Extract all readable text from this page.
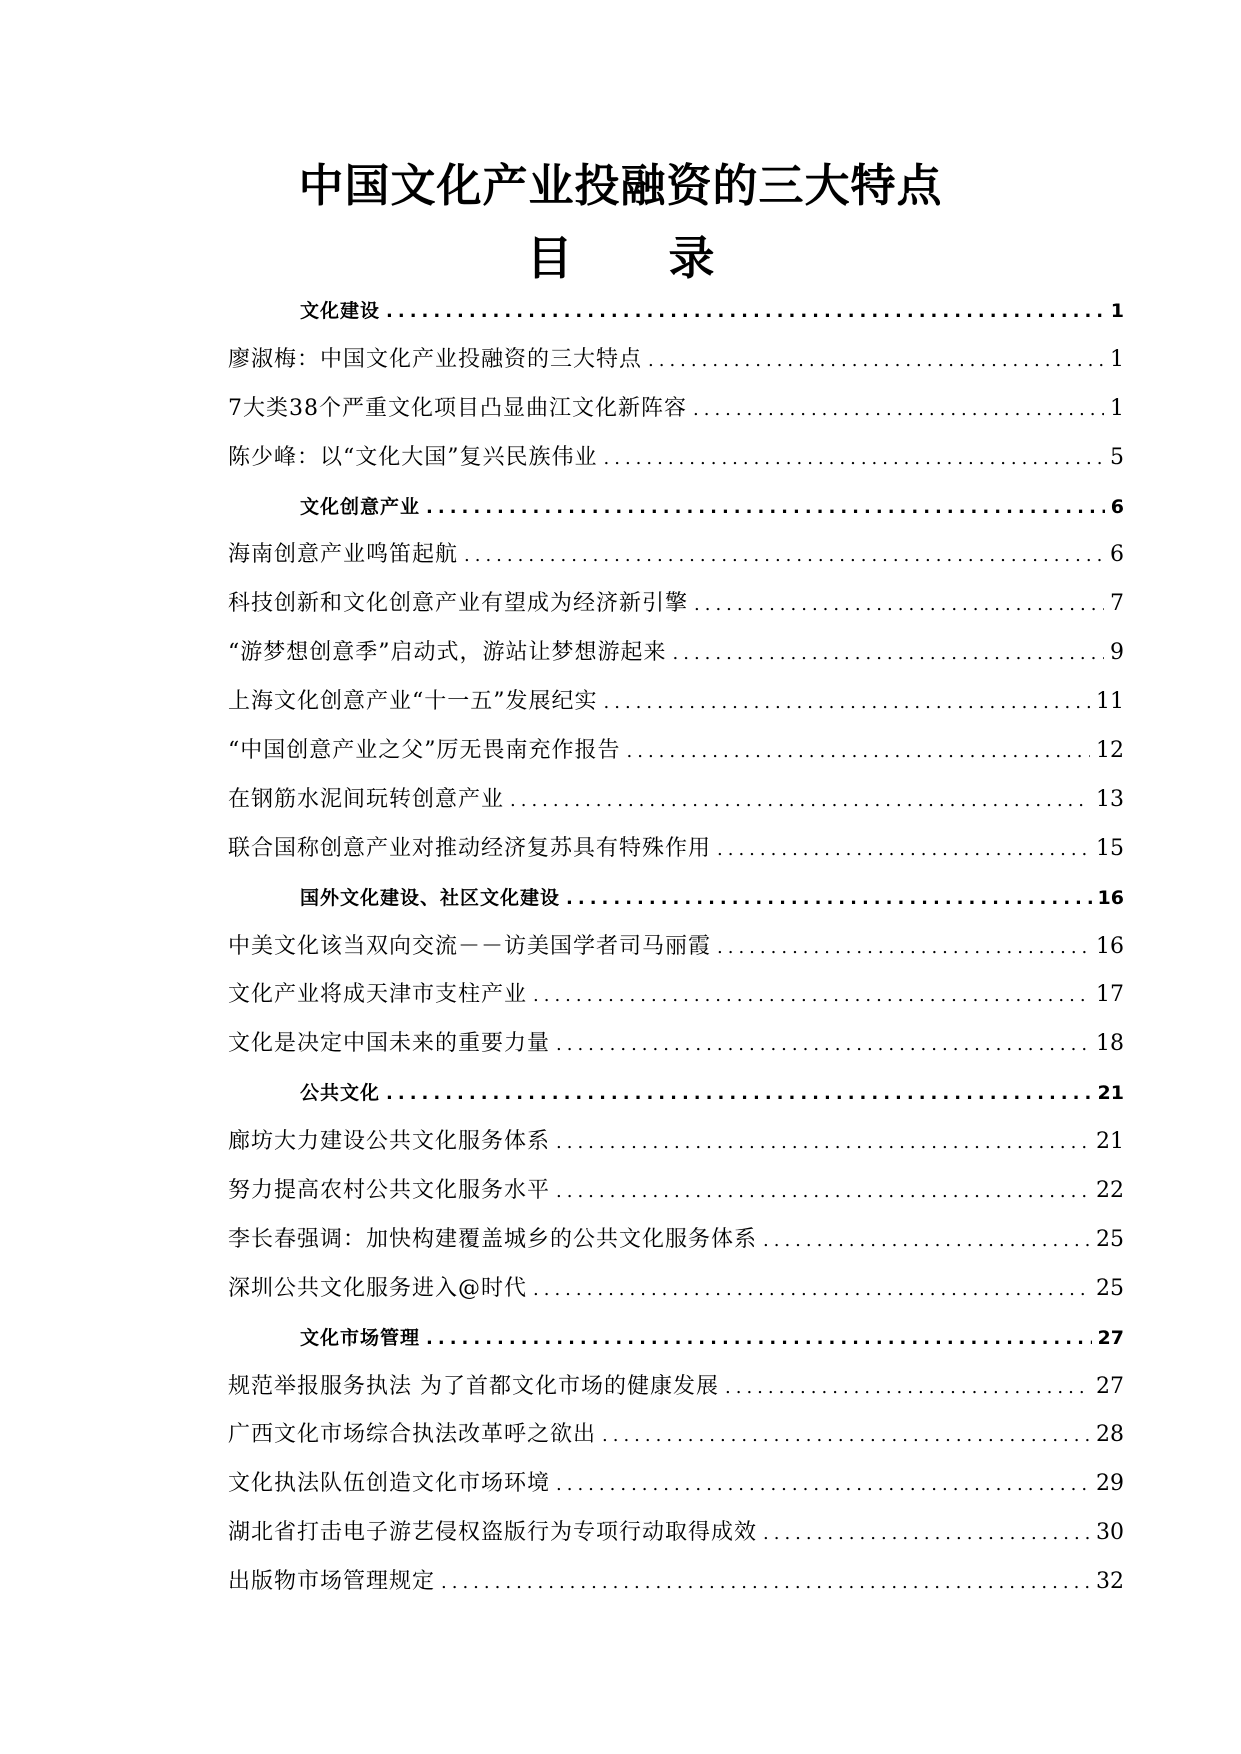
中国文化产业投融资的三大特点
目 录
文化建设 .....	1
廖淑梅：中国文化产业投融资的三大特点 .....	1
7大类38个严重文化项目凸显曲江文化新阵容 .....	1
陈少峰：以“文化大国”复兴民族伟业 .....	5
文化创意产业 .....	6
海南创意产业鸣笛起航 .....	6
科技创新和文化创意产业有望成为经济新引擎 .....	7
“游梦想创意季”启动式，游站让梦想游起来 .....	9
上海文化创意产业“十一五”发展纪实 .....	11
“中国创意产业之父”厉无畏南充作报告 .....	12
在钢筋水泥间玩转创意产业 .....	13
联合国称创意产业对推动经济复苏具有特殊作用 .....	15
国外文化建设、社区文化建设 .....	16
中美文化该当双向交流－－访美国学者司马丽霞 .....	16
文化产业将成天津市支柱产业 .....	17
文化是决定中国未来的重要力量 .....	18
公共文化 .....	21
廊坊大力建设公共文化服务体系 .....	21
努力提高农村公共文化服务水平 .....	22
李长春强调：加快构建覆盖城乡的公共文化服务体系 .....	25
深圳公共文化服务进入@时代 .....	25
文化市场管理 .....	27
规范举报服务执法 为了首都文化市场的健康发展 .....	27
广西文化市场综合执法改革呼之欲出 .....	28
文化执法队伍创造文化市场环境 .....	29
湖北省打击电子游艺侵权盗版行为专项行动取得成效 .....	30
出版物市场管理规定 .....	32
